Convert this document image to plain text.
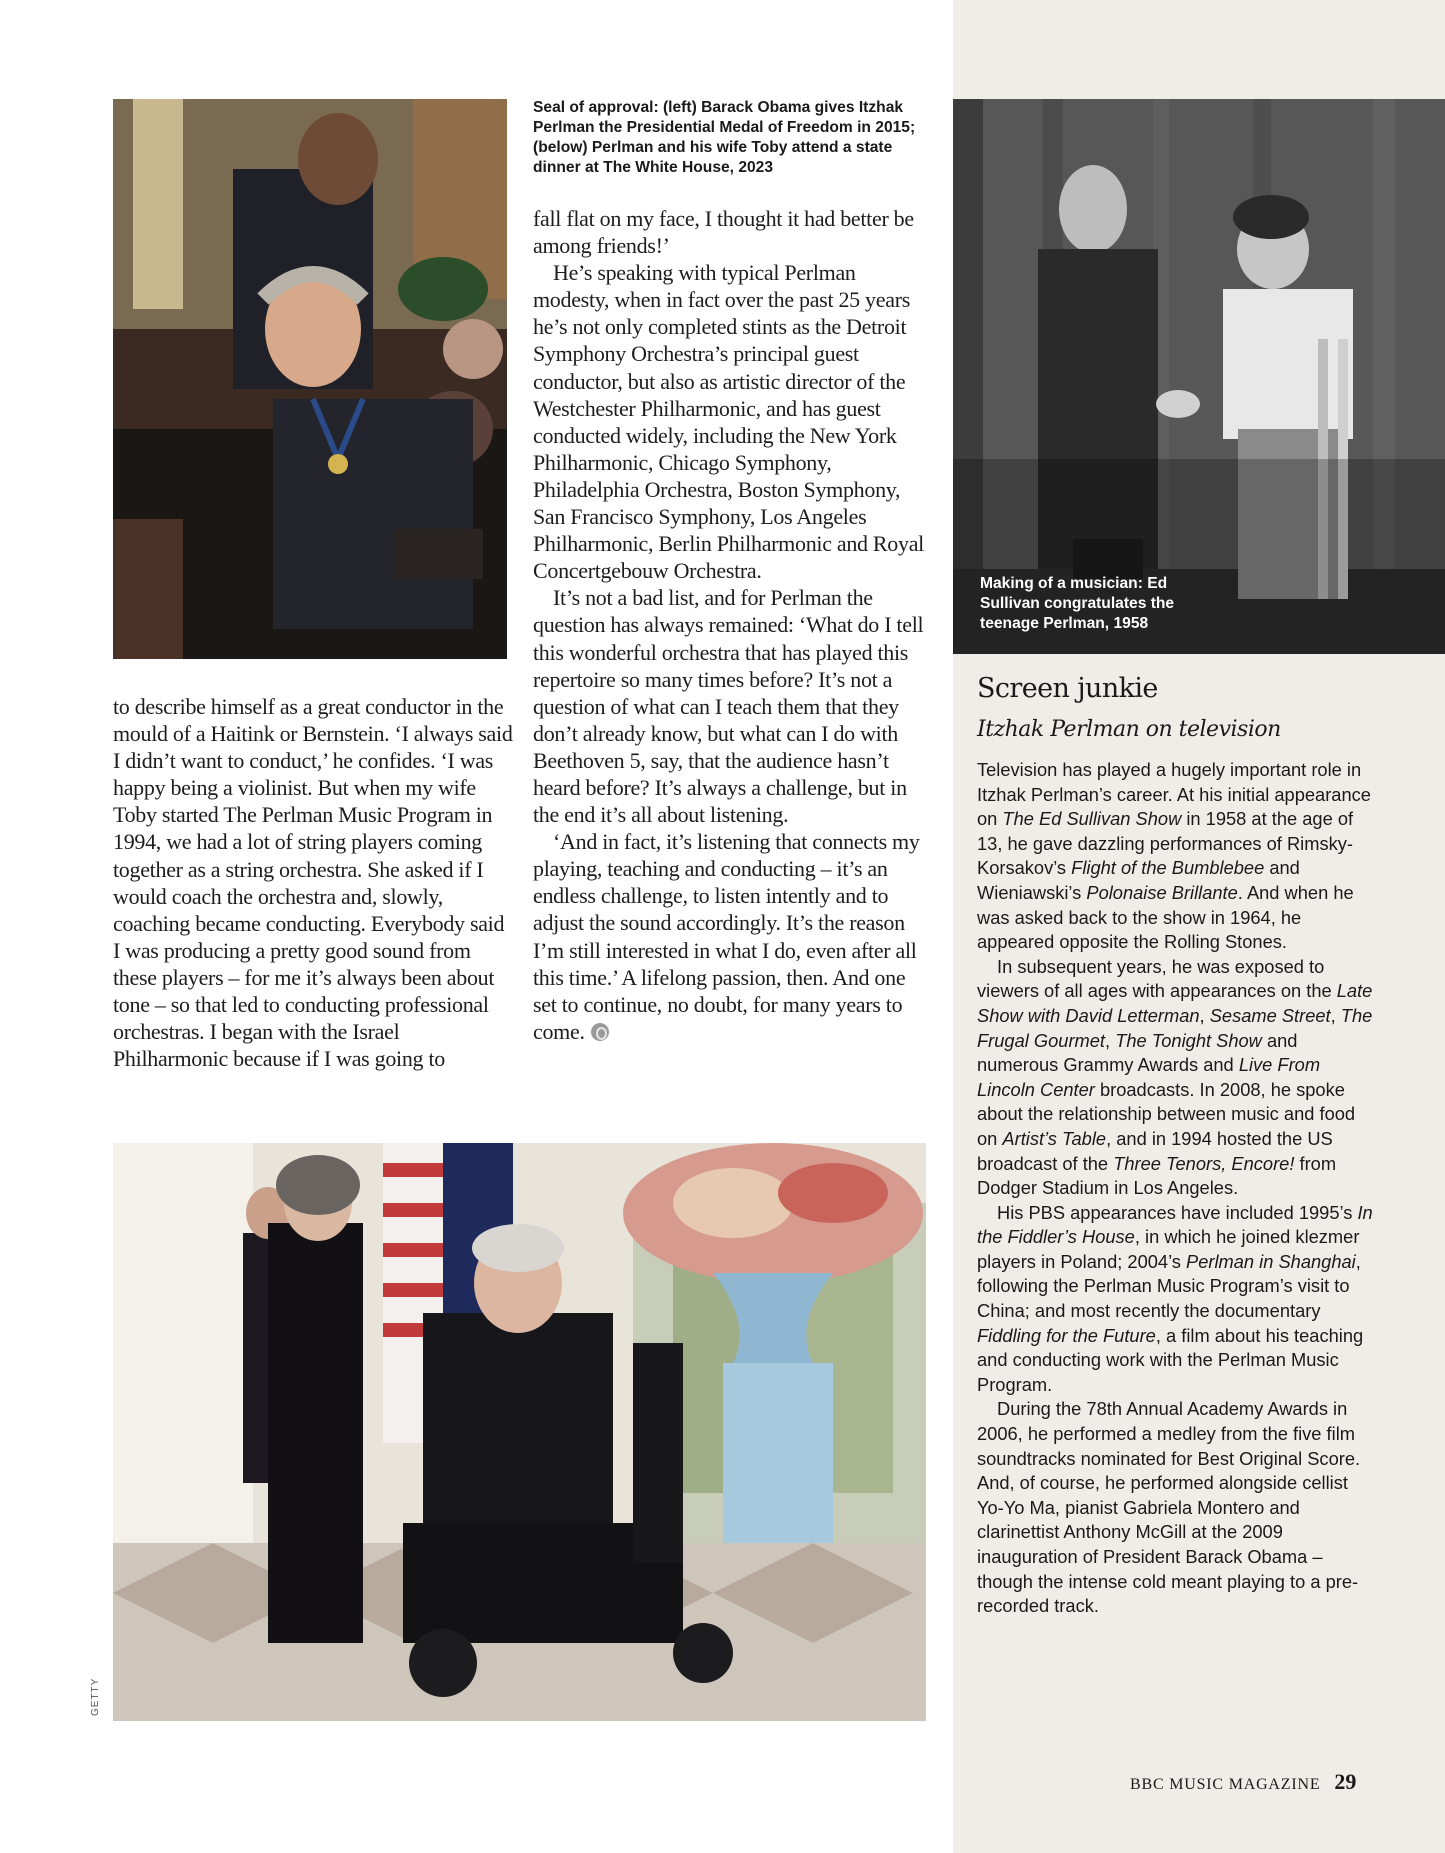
Seal of approval: (left) Barack Obama gives Itzhak Perlman the Presidential Medal of Freedom in 2015; (below) Perlman and his wife Toby attend a state dinner at The White House, 2023

fall flat on my face, I thought it had better be among friends!’

He’s speaking with typical Perlman modesty, when in fact over the past 25 years he’s not only completed stints as the Detroit Symphony Orchestra’s principal guest conductor, but also as artistic director of the Westchester Philharmonic, and has guest conducted widely, including the New York Philharmonic, Chicago Symphony, Philadelphia Orchestra, Boston Symphony, San Francisco Symphony, Los Angeles Philharmonic, Berlin Philharmonic and Royal Concertgebouw Orchestra.

It’s not a bad list, and for Perlman the question has always remained: ‘What do I tell this wonderful orchestra that has played this repertoire so many times before? It’s not a question of what can I teach them that they don’t already know, but what can I do with Beethoven 5, say, that the audience hasn’t heard before? It’s always a challenge, but in the end it’s all about listening.

‘And in fact, it’s listening that connects my playing, teaching and conducting – it’s an endless challenge, to listen intently and to adjust the sound accordingly. It’s the reason I’m still interested in what I do, even after all this time.’ A lifelong passion, then. And one set to continue, no doubt, for many years to come.

to describe himself as a great conductor in the mould of a Haitink or Bernstein. ‘I always said I didn’t want to conduct,’ he confides. ‘I was happy being a violinist. But when my wife Toby started The Perlman Music Program in 1994, we had a lot of string players coming together as a string orchestra. She asked if I would coach the orchestra and, slowly, coaching became conducting. Everybody said I was producing a pretty good sound from these players – for me it’s always been about tone – so that led to conducting professional orchestras. I began with the Israel Philharmonic because if I was going to

GETTY
Making of a musician: Ed Sullivan congratulates the teenage Perlman, 1958
Screen junkie
Itzhak Perlman on television

Television has played a hugely important role in Itzhak Perlman’s career. At his initial appearance on The Ed Sullivan Show in 1958 at the age of 13, he gave dazzling performances of Rimsky-Korsakov’s Flight of the Bumblebee and Wieniawski’s Polonaise Brillante. And when he was asked back to the show in 1964, he appeared opposite the Rolling Stones.

In subsequent years, he was exposed to viewers of all ages with appearances on the Late Show with David Letterman, Sesame Street, The Frugal Gourmet, The Tonight Show and numerous Grammy Awards and Live From Lincoln Center broadcasts. In 2008, he spoke about the relationship between music and food on Artist’s Table, and in 1994 hosted the US broadcast of the Three Tenors, Encore! from Dodger Stadium in Los Angeles.

His PBS appearances have included 1995’s In the Fiddler’s House, in which he joined klezmer players in Poland; 2004’s Perlman in Shanghai, following the Perlman Music Program’s visit to China; and most recently the documentary Fiddling for the Future, a film about his teaching and conducting work with the Perlman Music Program.

During the 78th Annual Academy Awards in 2006, he performed a medley from the five film soundtracks nominated for Best Original Score. And, of course, he performed alongside cellist Yo-Yo Ma, pianist Gabriela Montero and clarinettist Anthony McGill at the 2009 inauguration of President Barack Obama – though the intense cold meant playing to a pre-recorded track.

BBC MUSIC MAGAZINE 29
